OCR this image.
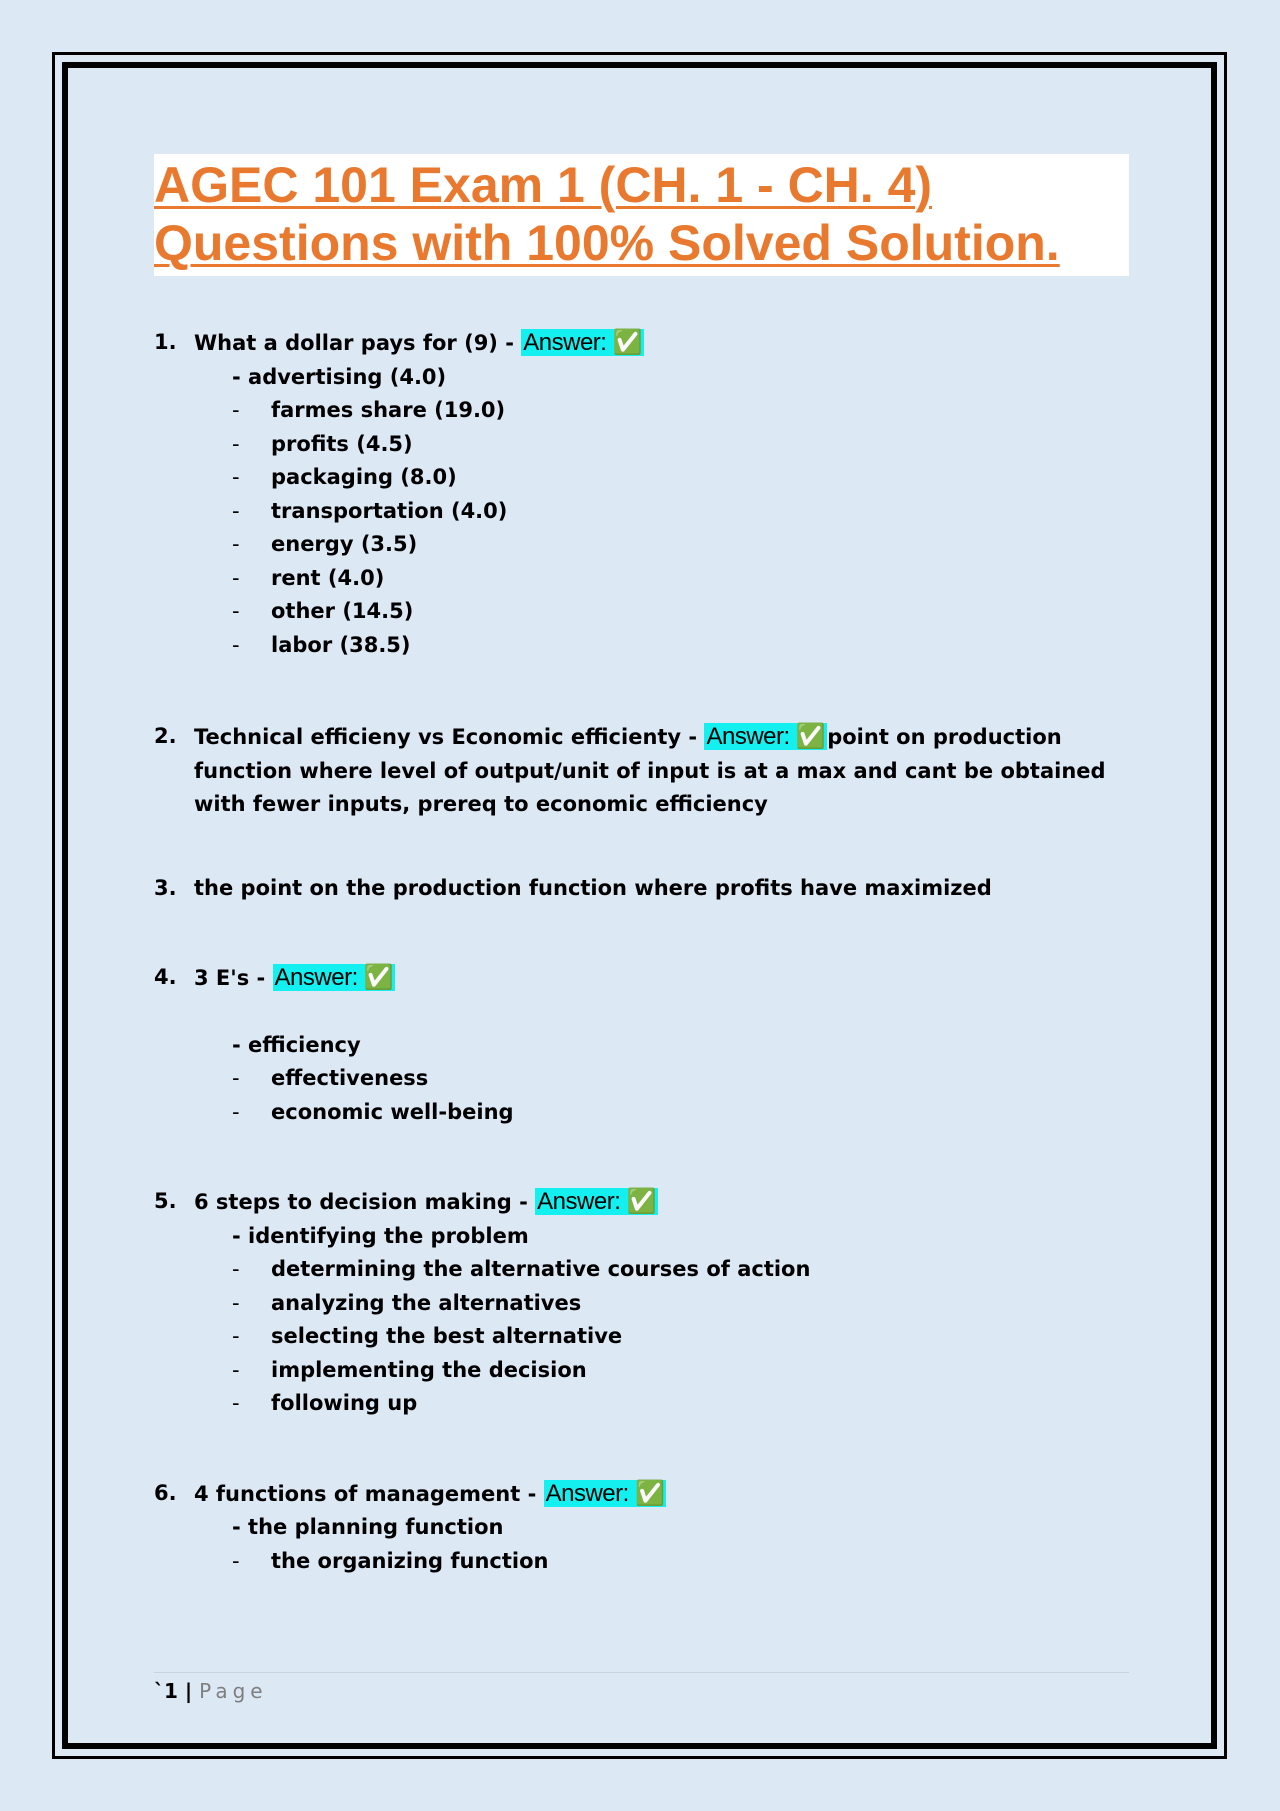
AGEC 101 Exam 1 (CH. 1 - CH. 4)
Questions with 100% Solved Solution.
1. What a dollar pays for (9) - Answer: ✅
- advertising (4.0)
- farmes share (19.0)
- profits (4.5)
- packaging (8.0)
- transportation (4.0)
- energy (3.5)
- rent (4.0)
- other (14.5)
- labor (38.5)
2. Technical efficieny vs Economic efficienty - Answer: ✅point on production function where level of output/unit of input is at a max and cant be obtained with fewer inputs, prereq to economic efficiency
3. the point on the production function where profits have maximized
4. 3 E's - Answer: ✅
- efficiency
- effectiveness
- economic well-being
5. 6 steps to decision making - Answer: ✅
- identifying the problem
- determining the alternative courses of action
- analyzing the alternatives
- selecting the best alternative
- implementing the decision
- following up
6. 4 functions of management - Answer: ✅
- the planning function
- the organizing function
`1 | Page
